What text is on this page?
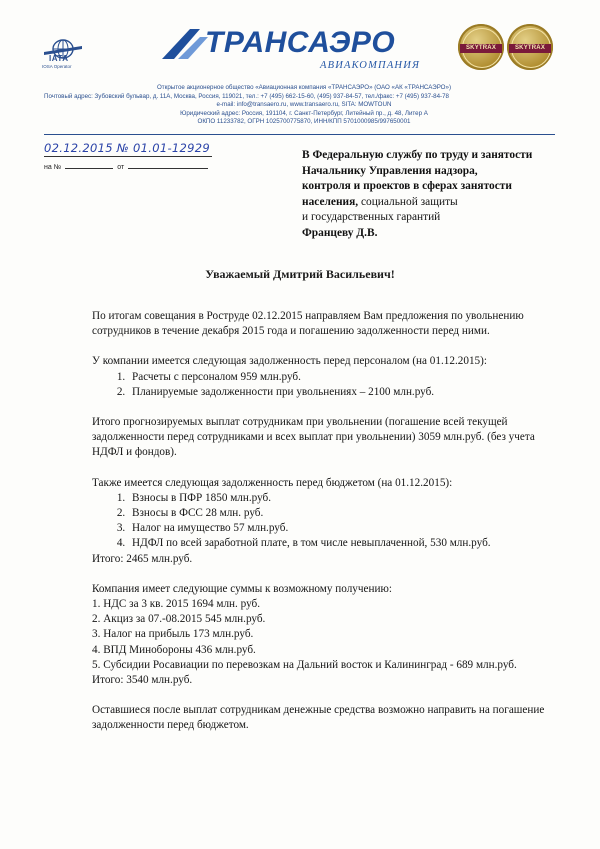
IATA
IOSA Operator
ТРАНСАЭРО
АВИАКОМПАНИЯ
SKYTRAX	SKYTRAX
Открытое акционерное общество «Авиационная компания «ТРАНСАЭРО» (ОАО «АК «ТРАНСАЭРО»)
Почтовый адрес: Зубовский бульвар, д. 11А, Москва, Россия, 119021, тел.: +7 (495) 662-15-60, (495) 937-84-57, тел./факс: +7 (495) 937-84-78
e-mail: info@transaero.ru, www.transaero.ru, SITA: MOWTOUN
Юридический адрес: Россия, 191104, г. Санкт-Петербург, Литейный пр., д. 48, Литер А
ОКПО 11233782, ОГРН 1025700775870, ИНН/КПП 5701000985/997650001
02.12.2015 № 01.01-12929
на №	от
В Федеральную службу по труду и занятости
Начальнику Управления надзора,
контроля и проектов в сферах занятости
населения, социальной защиты
и государственных гарантий
Францеву Д.В.
Уважаемый Дмитрий Васильевич!

По итогам совещания в Роструде 02.12.2015 направляем Вам предложения по увольнению сотрудников в течение декабря 2015 года и погашению задолженности перед ними.

У компании имеется следующая задолженность перед персоналом (на 01.12.2015):

1. Расчеты с персоналом 959 млн.руб.
2. Планируемые задолженности при увольнениях – 2100 млн.руб.

Итого прогнозируемых выплат сотрудникам при увольнении (погашение всей текущей задолженности перед сотрудниками и всех выплат при увольнении) 3059 млн.руб. (без учета НДФЛ и фондов).

Также имеется следующая задолженность перед бюджетом (на 01.12.2015):

1. Взносы в ПФР 1850 млн.руб.
2. Взносы в ФСС 28 млн. руб.
3. Налог на имущество 57 млн.руб.
4. НДФЛ по всей заработной плате, в том числе невыплаченной, 530 млн.руб.

Итого: 2465 млн.руб.

Компания имеет следующие суммы к возможному получению:

1. НДС за 3 кв. 2015 1694 млн. руб.
2. Акциз за 07.-08.2015 545 млн.руб.
3. Налог на прибыль 173 млн.руб.
4. ВПД Минобороны 436 млн.руб.
5. Субсидии Росавиации по перевозкам на Дальний восток и Калининград - 689 млн.руб.

Итого: 3540 млн.руб.

Оставшиеся после выплат сотрудникам денежные средства возможно направить на погашение задолженности перед бюджетом.
